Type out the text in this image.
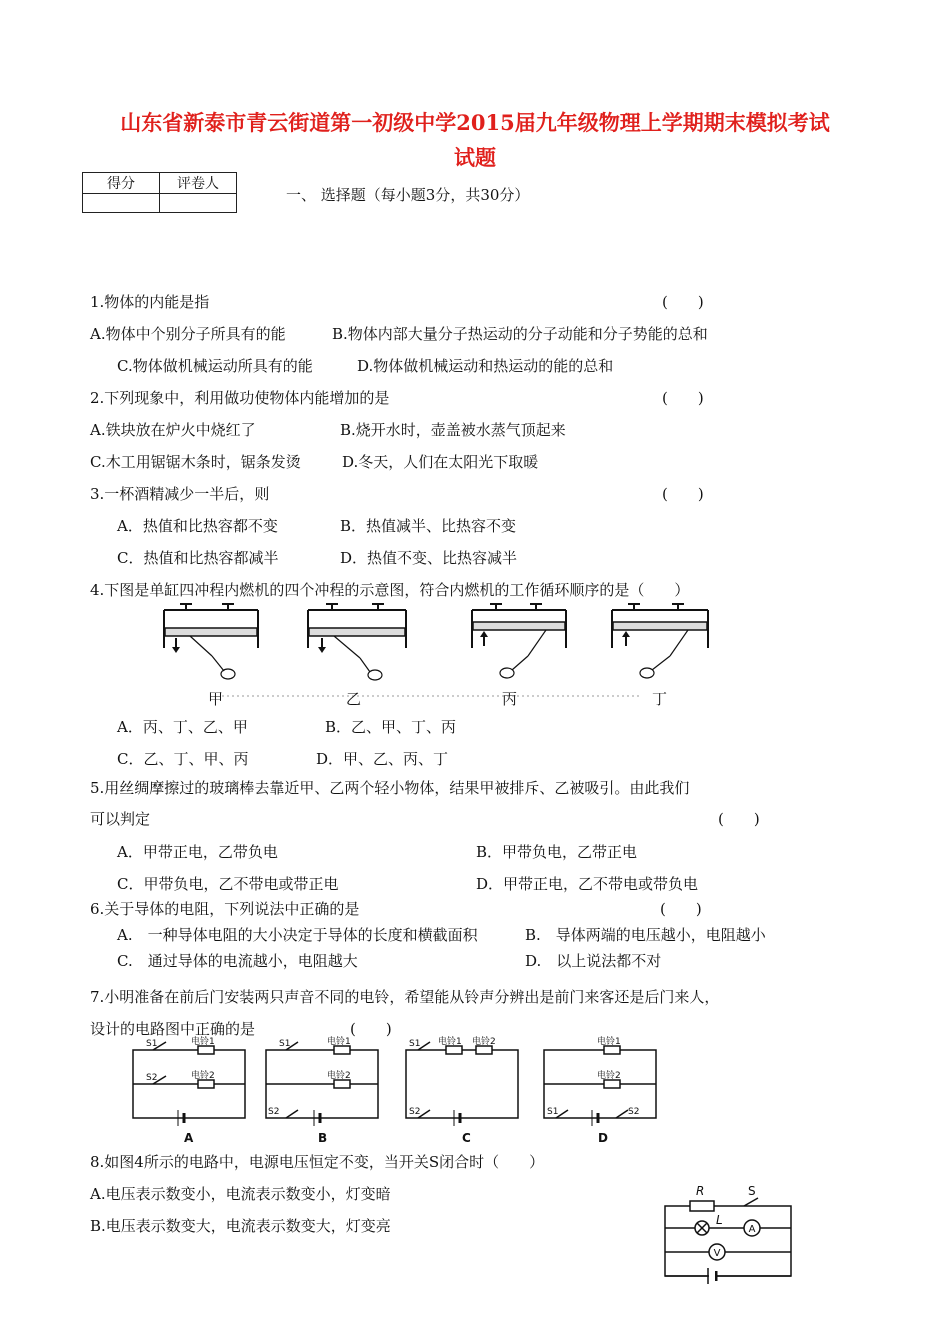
山东省新泰市青云街道第一初级中学2015届九年级物理上学期期末模拟考试
试题
得分	评卷人

一、 选择题（每小题3分，共30分）
1.物体的内能是指	(　　)
A.物体中个别分子所具有的能	B.物体内部大量分子热运动的分子动能和分子势能的总和
C.物体做机械运动所具有的能	D.物体做机械运动和热运动的能的总和
2.下列现象中，利用做功使物体内能增加的是	(　　)
A.铁块放在炉火中烧红了	B.烧开水时，壶盖被水蒸气顶起来
C.木工用锯锯木条时，锯条发烫	D.冬天，人们在太阳光下取暖
3.一杯酒精减少一半后，则	(　　)
A．热值和比热容都不变	B．热值减半、比热容不变
C．热值和比热容都减半	D．热值不变、比热容减半
4.下图是单缸四冲程内燃机的四个冲程的示意图，符合内燃机的工作循环顺序的是（　　）
甲	乙	丙	丁
A．丙、丁、乙、甲	B．乙、甲、丁、丙
C．乙、丁、甲、丙	D．甲、乙、丙、丁
5.用丝绸摩擦过的玻璃棒去靠近甲、乙两个轻小物体，结果甲被排斥、乙被吸引。由此我们
可以判定	(　　)
A．甲带正电，乙带负电	B．甲带负电，乙带正电
C．甲带负电，乙不带电或带正电	D．甲带正电，乙不带电或带负电
6.关于导体的电阻，下列说法中正确的是	(　　)
A.　一种导体电阻的大小决定于导体的长度和横截面积	B.　导体两端的电压越小，电阻越小
C.　通过导体的电流越小，电阻越大	D.　以上说法都不对
7.小明准备在前后门安装两只声音不同的电铃，希望能从铃声分辨出是前门来客还是后门来人，
设计的电路图中正确的是	(　　)
S1
S2
S1
S2
S1
S2	S1	S2
电铃1
电铃2
电铃1
电铃2
电铃1 电铃2	电铃1
电铃2
A	B	C	D
8.如图4所示的电路中，电源电压恒定不变，当开关S闭合时（　　）
A.电压表示数变小，电流表示数变小，灯变暗
B.电压表示数变大，电流表示数变大，灯变亮
R	S
L
A
V
